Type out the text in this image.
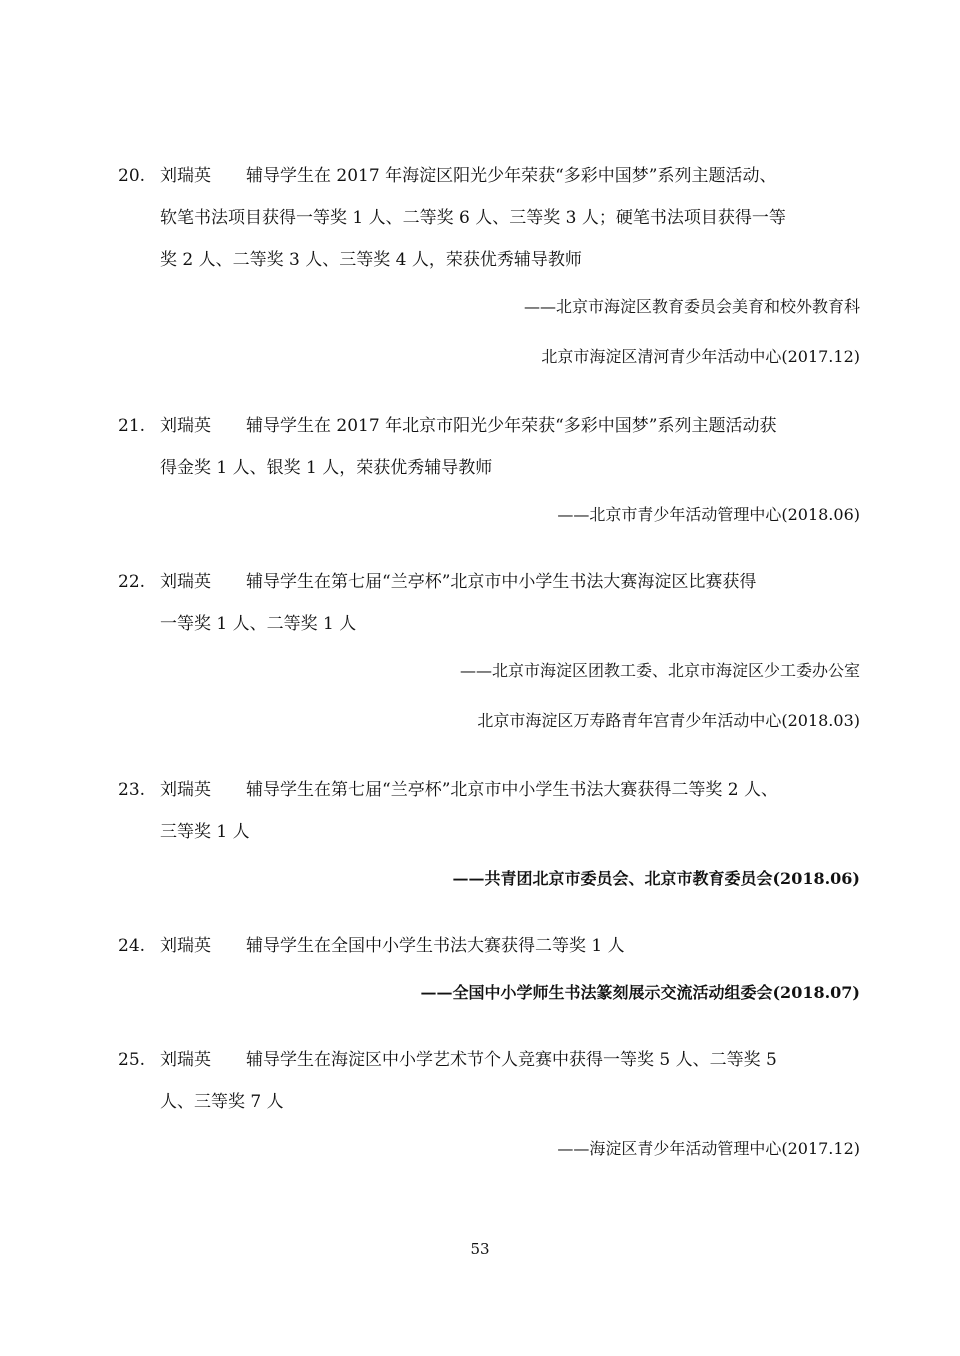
20. 刘瑞英 辅导学生在 2017 年海淀区阳光少年荣获“多彩中国梦”系列主题活动、
软笔书法项目获得一等奖 1 人、二等奖 6 人、三等奖 3 人；硬笔书法项目获得一等
奖 2 人、二等奖 3 人、三等奖 4 人，荣获优秀辅导教师
——北京市海淀区教育委员会美育和校外教育科
北京市海淀区清河青少年活动中心(2017.12)
21. 刘瑞英 辅导学生在 2017 年北京市阳光少年荣获“多彩中国梦”系列主题活动获
得金奖 1 人、银奖 1 人，荣获优秀辅导教师
——北京市青少年活动管理中心(2018.06)
22. 刘瑞英 辅导学生在第七届“兰亭杯”北京市中小学生书法大赛海淀区比赛获得
一等奖 1 人、二等奖 1 人
——北京市海淀区团教工委、北京市海淀区少工委办公室
北京市海淀区万寿路青年宫青少年活动中心(2018.03)
23. 刘瑞英 辅导学生在第七届“兰亭杯”北京市中小学生书法大赛获得二等奖 2 人、
三等奖 1 人
——共青团北京市委员会、北京市教育委员会(2018.06)
24. 刘瑞英 辅导学生在全国中小学生书法大赛获得二等奖 1 人
——全国中小学师生书法篆刻展示交流活动组委会(2018.07)
25. 刘瑞英 辅导学生在海淀区中小学艺术节个人竞赛中获得一等奖 5 人、二等奖 5
人、三等奖 7 人
——海淀区青少年活动管理中心(2017.12)
53
